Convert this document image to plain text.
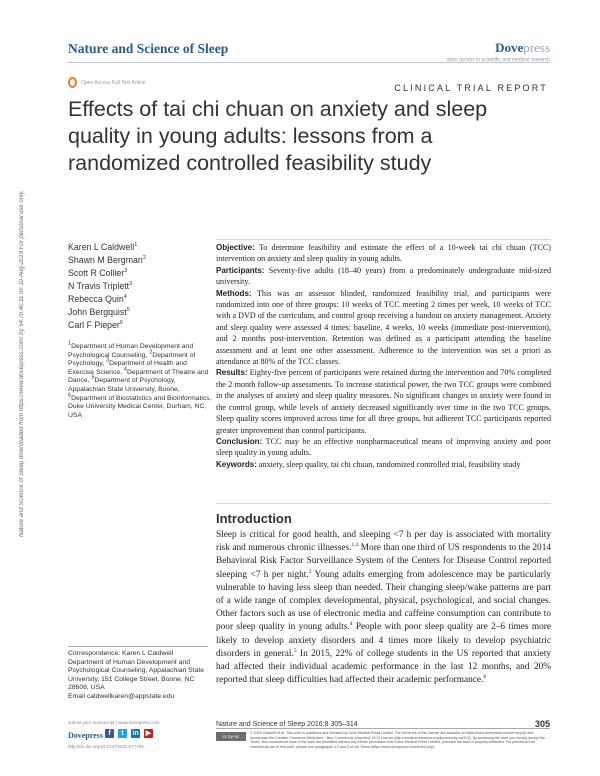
Nature and Science of Sleep	Dovepress
open access to scientific and medical research
Open Access Full Text Article
CLINICAL TRIAL REPORT
Effects of tai chi chuan on anxiety and sleep quality in young adults: lessons from a randomized controlled feasibility study
Nature and Science of Sleep downloaded from https://www.dovepress.com/ by 54.70.40.11 on 10-Aug-2019 For personal use only.	Karen L Caldwell$^1$
Shawn M Bergman$^2$
Scott R Collier$^3$
N Travis Triplett$^3$
Rebecca Quin$^4$
John Bergquist$^5$
Carl F Pieper$^6$
$^1$Department of Human Development and Psychological Counseling, $^2$Department of Psychology, $^3$Department of Health and Exercise Science, $^4$Department of Theatre and Dance, $^5$Department of Psychology, Appalachian State University, Boone, $^6$Department of Biostatistics and Bioinformatics, Duke University Medical Center, Durham, NC, USA
Correspondence: Karen L Caldwell
Department of Human Development and Psychological Counseling, Appalachian State University, 151 College Street, Boone, NC 28608, USA
Email caldwellkaren@appstate.edu

Objective: To determine feasibility and estimate the effect of a 10-week tai chi chuan (TCC) intervention on anxiety and sleep quality in young adults.

Participants: Seventy-five adults (18–40 years) from a predominately undergraduate mid-sized university.

Methods: This was an assessor blinded, randomized feasibility trial, and participants were randomized into one of three groups: 10 weeks of TCC meeting 2 times per week, 10 weeks of TCC with a DVD of the curriculum, and control group receiving a handout on anxiety management. Anxiety and sleep quality were assessed 4 times: baseline, 4 weeks, 10 weeks (immediate post-intervention), and 2 months post-intervention. Retention was defined as a participant attending the baseline assessment and at least one other assessment. Adherence to the intervention was set a priori as attendance at 80% of the TCC classes.

Results: Eighty-five percent of participants were retained during the intervention and 70% completed the 2 month follow-up assessments. To increase statistical power, the two TCC groups were combined in the analyses of anxiety and sleep quality measures. No significant changes in anxiety were found in the control group, while levels of anxiety decreased significantly over time in the two TCC groups. Sleep quality scores improved across time for all three groups, but adherent TCC participants reported greater improvement than control participants.

Conclusion: TCC may be an effective nonpharmaceutical means of improving anxiety and poor sleep quality in young adults.

Keywords: anxiety, sleep quality, tai chi chuan, randomized controlled trial, feasibility study

Introduction

Sleep is critical for good health, and sleeping <7 h per day is associated with mortality risk and numerous chronic illnesses.$^{1,2}$ More than one third of US respondents to the 2014 Behavioral Risk Factor Surveillance System of the Centers for Disease Control reported sleeping <7 h per night.$^3$ Young adults emerging from adolescence may be particularly vulnerable to having less sleep than needed. Their changing sleep/wake patterns are part of a wide range of complex developmental, physical, psychological, and social changes. Other factors such as use of electronic media and caffeine consumption can contribute to poor sleep quality in young adults.$^4$ People with poor sleep quality are 2–6 times more likely to develop anxiety disorders and 4 times more likely to develop psychiatric disorders in general.$^5$ In 2015, 22% of college students in the US reported that anxiety had affected their individual academic performance in the last 12 months, and 20% reported that sleep difficulties had affected their academic performance.$^6$

submit your manuscript | www.dovepress.com
Dovepress f	t	in ▶
http://dx.doi.org/10.2147/NSS.S77755
Nature and Science of Sleep 2016:8 305–314	305
cc by-nc
© 2016 Caldwell et al. This work is published and licensed by Dove Medical Press Limited. The full terms of this license are available at https://www.dovepress.com/terms.php and incorporate the Creative Commons Attribution – Non Commercial (unported, v3.0) License (http://creativecommons.org/licenses/by-nc/3.0/). By accessing the work you hereby accept the Terms. Non-commercial uses of the work are permitted without any further permission from Dove Medical Press Limited, provided the work is properly attributed. For permission for commercial use of this work, please see paragraphs 4.2 and 5 of our Terms (https://www.dovepress.com/terms.php).
